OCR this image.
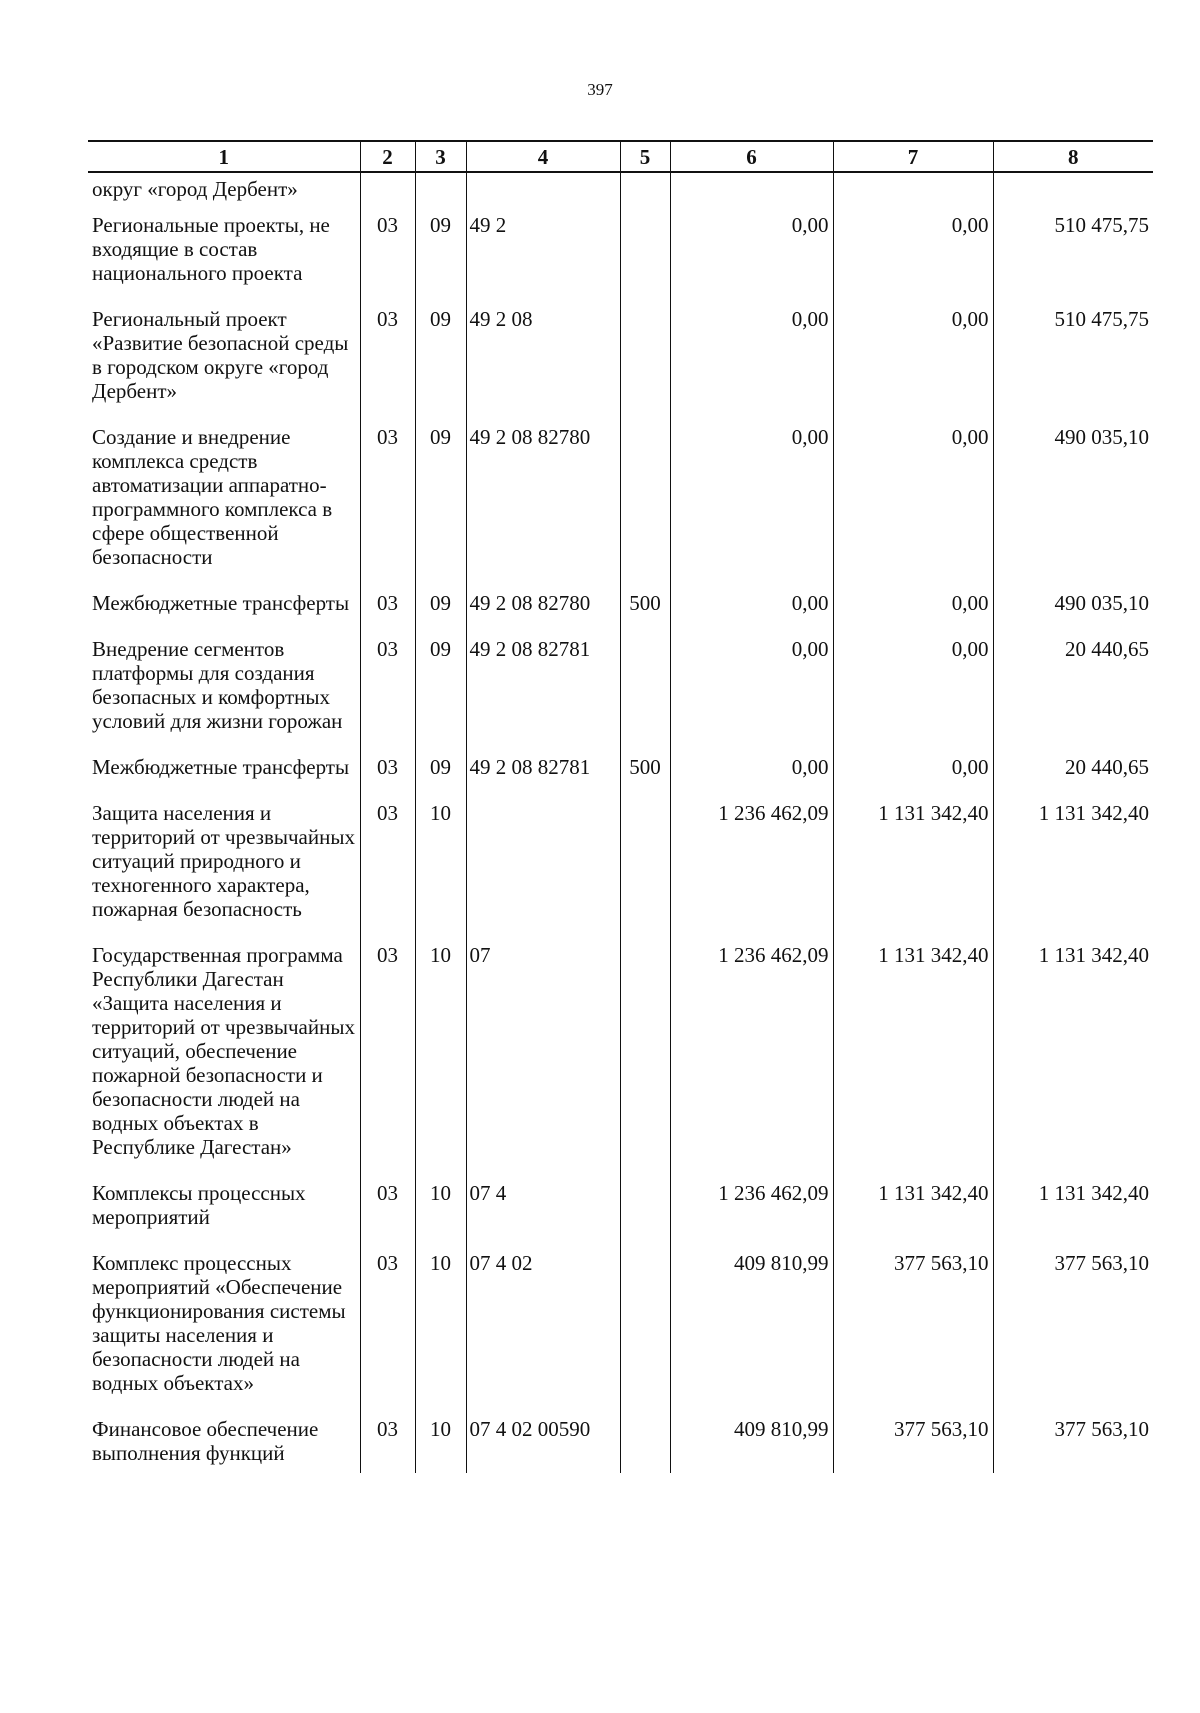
397
1	2	3	4	5	6	7	8
округ «город Дербент»							
Региональные проекты, не входящие в состав национального проекта	03	09	49 2		0,00	0,00	510 475,75
Региональный проект «Развитие безопасной среды в городском округе «город Дербент»	03	09	49 2 08		0,00	0,00	510 475,75
Создание и внедрение комплекса средств автоматизации аппаратно-программного комплекса в сфере общественной безопасности	03	09	49 2 08 82780		0,00	0,00	490 035,10
Межбюджетные трансферты	03	09	49 2 08 82780	500	0,00	0,00	490 035,10
Внедрение сегментов платформы для создания безопасных и комфортных условий для жизни горожан	03	09	49 2 08 82781		0,00	0,00	20 440,65
Межбюджетные трансферты	03	09	49 2 08 82781	500	0,00	0,00	20 440,65
Защита населения и территорий от чрезвычайных ситуаций природного и техногенного характера, пожарная безопасность	03	10			1 236 462,09	1 131 342,40	1 131 342,40
Государственная программа Республики Дагестан «Защита населения и территорий от чрезвычайных ситуаций, обеспечение пожарной безопасности и безопасности людей на водных объектах в Республике Дагестан»	03	10	07		1 236 462,09	1 131 342,40	1 131 342,40
Комплексы процессных мероприятий	03	10	07 4		1 236 462,09	1 131 342,40	1 131 342,40
Комплекс процессных мероприятий «Обеспечение функционирования системы защиты населения и безопасности людей на водных объектах»	03	10	07 4 02		409 810,99	377 563,10	377 563,10
Финансовое обеспечение выполнения функций	03	10	07 4 02 00590		409 810,99	377 563,10	377 563,10
